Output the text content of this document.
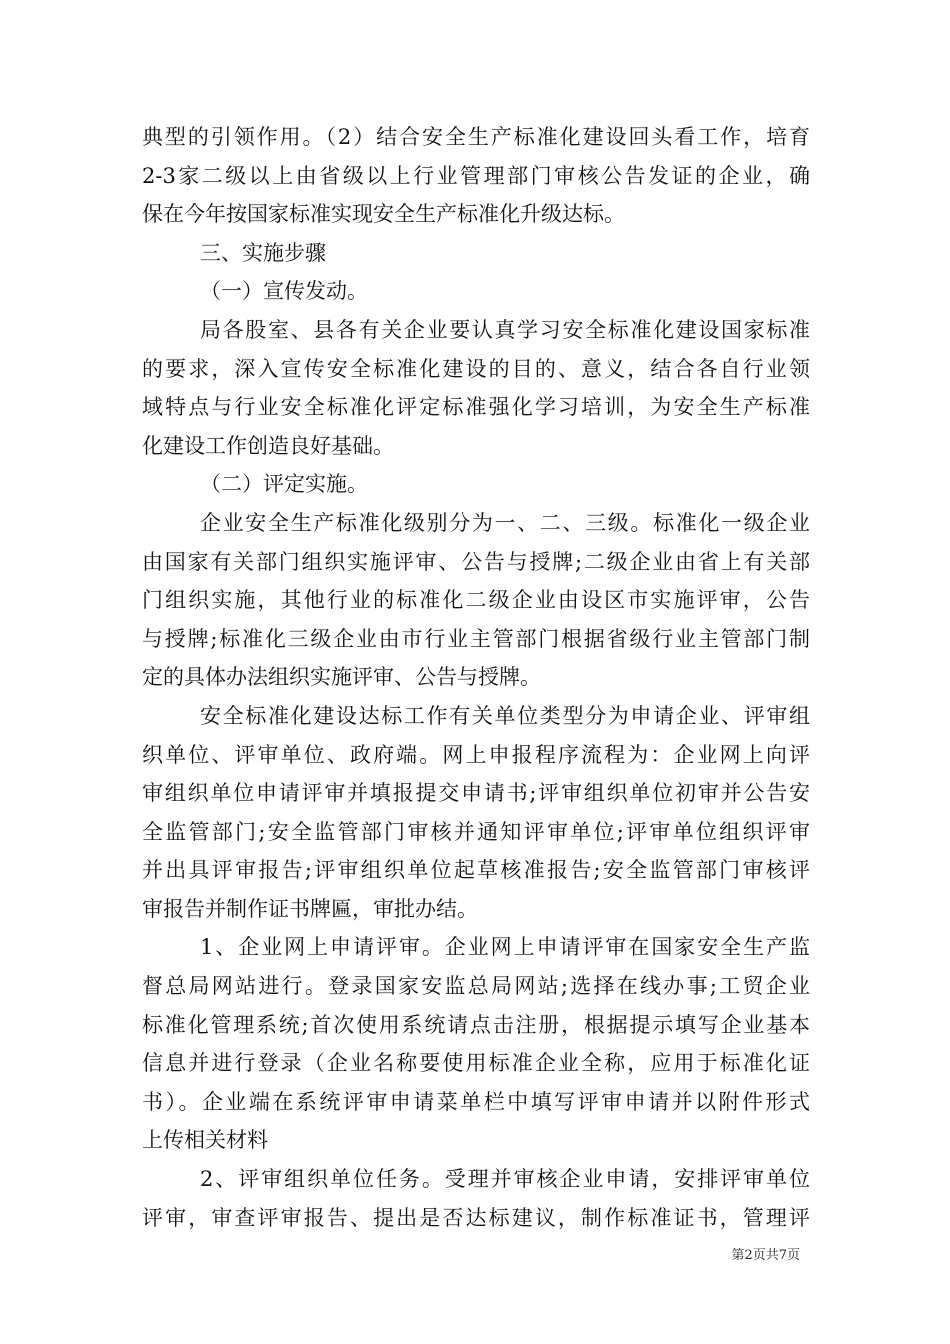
典型的引领作用。（2）结合安全生产标准化建设回头看工作，培育
2-3家二级以上由省级以上行业管理部门审核公告发证的企业，确
保在今年按国家标准实现安全生产标准化升级达标。
三、实施步骤
（一）宣传发动。
局各股室、县各有关企业要认真学习安全标准化建设国家标准
的要求，深入宣传安全标准化建设的目的、意义，结合各自行业领
域特点与行业安全标准化评定标准强化学习培训，为安全生产标准
化建设工作创造良好基础。
（二）评定实施。
企业安全生产标准化级别分为一、二、三级。标准化一级企业
由国家有关部门组织实施评审、公告与授牌;二级企业由省上有关部
门组织实施，其他行业的标准化二级企业由设区市实施评审，公告
与授牌;标准化三级企业由市行业主管部门根据省级行业主管部门制
定的具体办法组织实施评审、公告与授牌。
安全标准化建设达标工作有关单位类型分为申请企业、评审组
织单位、评审单位、政府端。网上申报程序流程为：企业网上向评
审组织单位申请评审并填报提交申请书;评审组织单位初审并公告安
全监管部门;安全监管部门审核并通知评审单位;评审单位组织评审
并出具评审报告;评审组织单位起草核准报告;安全监管部门审核评
审报告并制作证书牌匾，审批办结。
1、企业网上申请评审。企业网上申请评审在国家安全生产监
督总局网站进行。登录国家安监总局网站;选择在线办事;工贸企业
标准化管理系统;首次使用系统请点击注册，根据提示填写企业基本
信息并进行登录（企业名称要使用标准企业全称，应用于标准化证
书）。企业端在系统评审申请菜单栏中填写评审申请并以附件形式
上传相关材料
2、评审组织单位任务。受理并审核企业申请，安排评审单位
评审，审查评审报告、提出是否达标建议，制作标准证书，管理评
第2页共7页
